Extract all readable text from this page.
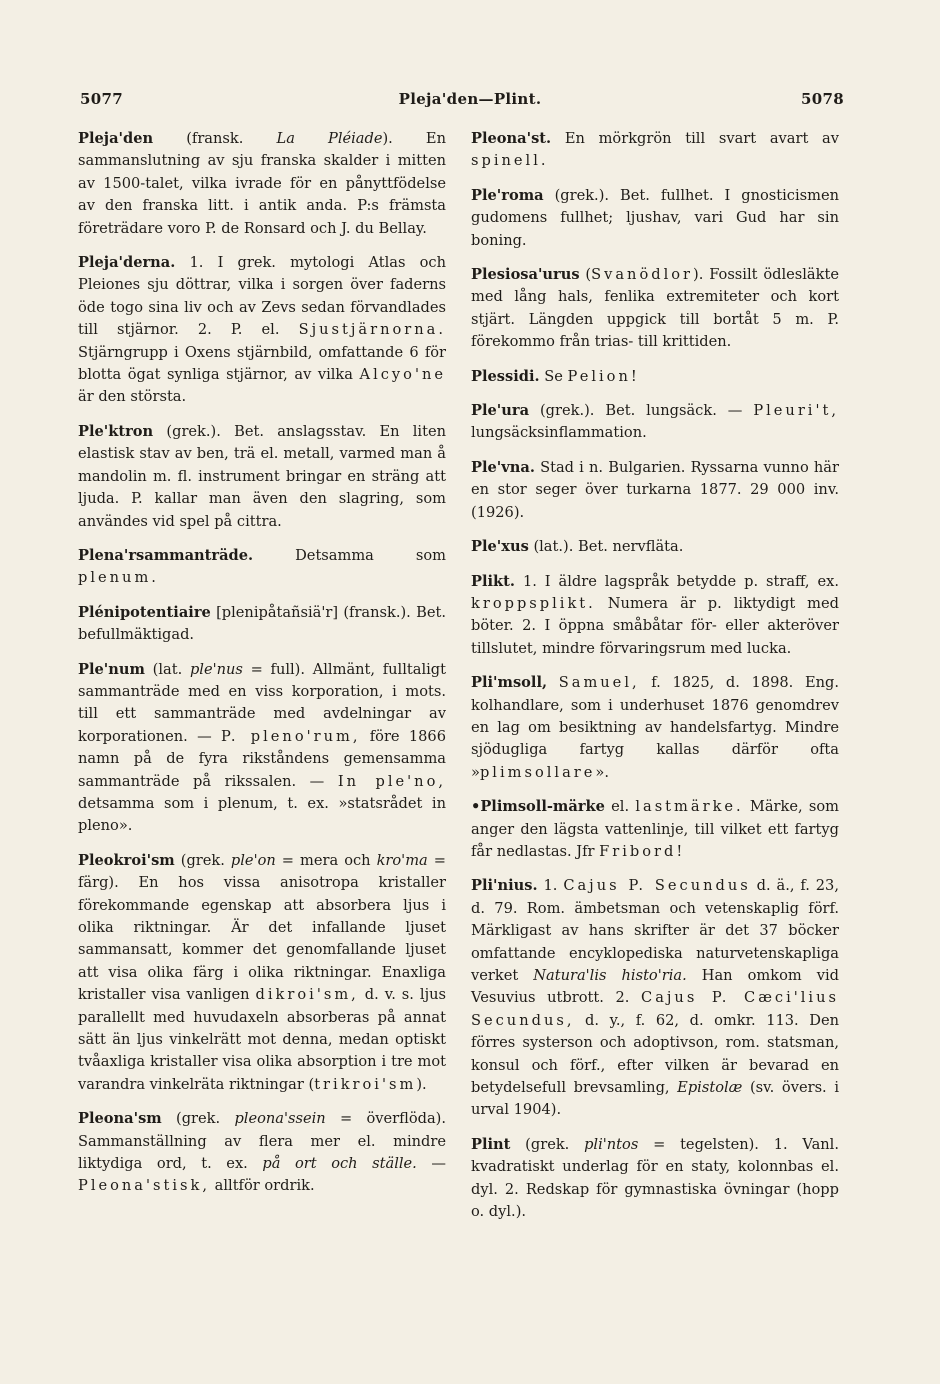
5077	Pleja'den—Plint.	5078

Pleja'den (fransk. La Pléiade). En sammanslutning av sju franska skalder i mitten av 1500-talet, vilka ivrade för en pånyttfödelse av den franska litt. i antik anda. P:s främsta företrädare voro P. de Ronsard och J. du Bellay.

Pleja'derna. 1. I grek. mytologi Atlas och Pleiones sju döttrar, vilka i sorgen över faderns öde togo sina liv och av Zevs sedan förvandlades till stjärnor. 2. P. el. Sjustjärnorna. Stjärngrupp i Oxens stjärnbild, omfattande 6 för blotta ögat synliga stjärnor, av vilka Alcyo'ne är den största.

Ple'ktron (grek.). Bet. anslagsstav. En liten elastisk stav av ben, trä el. metall, varmed man å mandolin m. fl. instrument bringar en sträng att ljuda. P. kallar man även den slagring, som användes vid spel på cittra.

Plena'rsammanträde. Detsamma som plenum.

Plénipotentiaire [plenipåtañsiä'r] (fransk.). Bet. befullmäktigad.

Ple'num (lat. ple'nus = full). Allmänt, fulltaligt sammanträde med en viss korporation, i mots. till ett sammanträde med avdelningar av korporationen. — P. pleno'rum, före 1866 namn på de fyra rikståndens gemensamma sammanträde på rikssalen. — In ple'no, detsamma som i plenum, t. ex. »statsrådet in pleno».

Pleokroi'sm (grek. ple'on = mera och kro'ma = färg). En hos vissa anisotropa kristaller förekommande egenskap att absorbera ljus i olika riktningar. Är det infallande ljuset sammansatt, kommer det genomfallande ljuset att visa olika färg i olika riktningar. Enaxliga kristaller visa vanligen dikroi'sm, d. v. s. ljus parallellt med huvudaxeln absorberas på annat sätt än ljus vinkelrätt mot denna, medan optiskt tvåaxliga kristaller visa olika absorption i tre mot varandra vinkelräta riktningar (trikroi'sm).

Pleona'sm (grek. pleona'ssein = överflöda). Sammanställning av flera mer el. mindre liktydiga ord, t. ex. på ort och ställe. — Pleona'stisk, alltför ordrik.

Pleona'st. En mörkgrön till svart avart av spinell.

Ple'roma (grek.). Bet. fullhet. I gnosticismen gudomens fullhet; ljushav, vari Gud har sin boning.

Plesiosa'urus (Svanödlor). Fossilt ödlesläkte med lång hals, fenlika extremiteter och kort stjärt. Längden uppgick till bortåt 5 m. P. förekommo från trias- till krittiden.

Plessidi. Se Pelion!

Ple'ura (grek.). Bet. lungsäck. — Pleuri't, lungsäcksinflammation.

Ple'vna. Stad i n. Bulgarien. Ryssarna vunno här en stor seger över turkarna 1877. 29 000 inv. (1926).

Ple'xus (lat.). Bet. nervfläta.

Plikt. 1. I äldre lagspråk betydde p. straff, ex. kroppsplikt. Numera är p. liktydigt med böter. 2. I öppna småbåtar för- eller akteröver tillslutet, mindre förvaringsrum med lucka.

Pli'msoll, Samuel, f. 1825, d. 1898. Eng. kolhandlare, som i underhuset 1876 genomdrev en lag om besiktning av handelsfartyg. Mindre sjödugliga fartyg kallas därför ofta »plimsollare».

•Plimsoll-märke el. lastmärke. Märke, som anger den lägsta vattenlinje, till vilket ett fartyg får nedlastas. Jfr Fribord!

Pli'nius. 1. Cajus P. Secundus d. ä., f. 23, d. 79. Rom. ämbetsman och vetenskaplig förf. Märkligast av hans skrifter är det 37 böcker omfattande encyklopediska naturvetenskapliga verket Natura'lis histo'ria. Han omkom vid Vesuvius utbrott. 2. Cajus P. Cæci'lius Secundus, d. y., f. 62, d. omkr. 113. Den förres systerson och adoptivson, rom. statsman, konsul och förf., efter vilken är bevarad en betydelsefull brevsamling, Epistolæ (sv. övers. i urval 1904).

Plint (grek. pli'ntos = tegelsten). 1. Vanl. kvadratiskt underlag för en staty, kolonnbas el. dyl. 2. Redskap för gymnastiska övningar (hopp o. dyl.).
